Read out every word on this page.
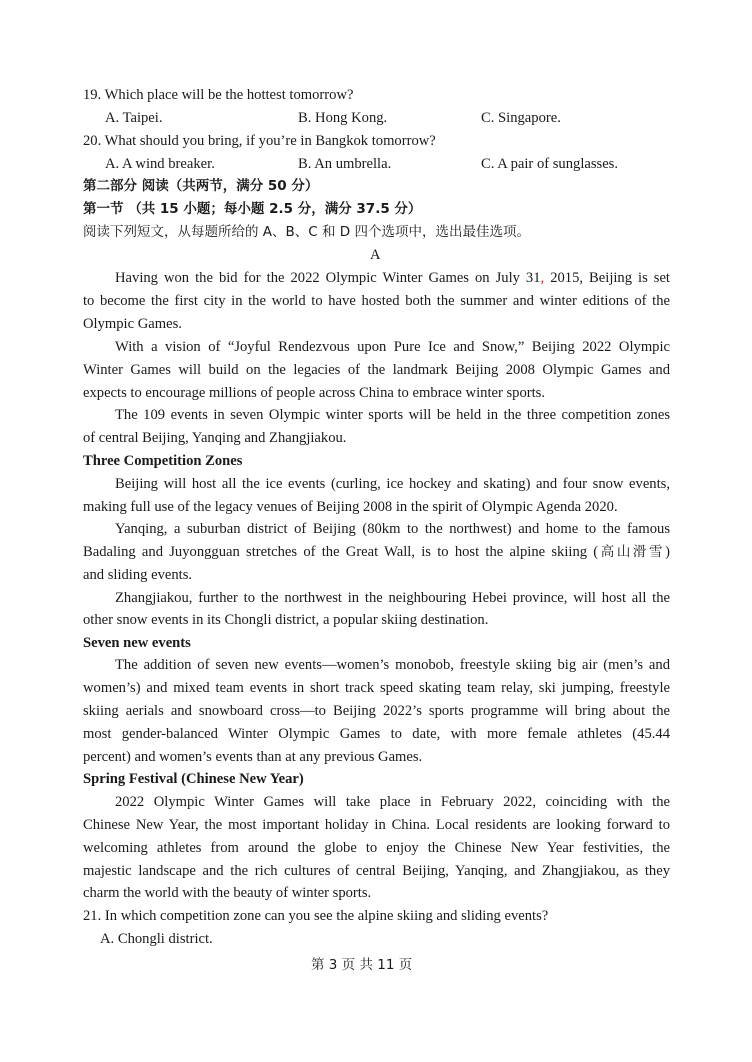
19. Which place will be the hottest tomorrow?
A. Taipei.	B. Hong Kong.	C. Singapore.
20. What should you bring, if you’re in Bangkok tomorrow?
A. A wind breaker.	B. An umbrella.	C. A pair of sunglasses.
第二部分 阅读（共两节，满分 50 分）
第一节 （共 15 小题；每小题 2.5 分，满分 37.5 分）
阅读下列短文，从每题所给的 A、B、C 和 D 四个选项中，选出最佳选项。
A
Having won the bid for the 2022 Olympic Winter Games on July 31, 2015, Beijing is set
to become the first city in the world to have hosted both the summer and winter editions of the
Olympic Games.
With a vision of “Joyful Rendezvous upon Pure Ice and Snow,” Beijing 2022 Olympic
Winter Games will build on the legacies of the landmark Beijing 2008 Olympic Games and
expects to encourage millions of people across China to embrace winter sports.
The 109 events in seven Olympic winter sports will be held in the three competition zones
of central Beijing, Yanqing and Zhangjiakou.
Three Competition Zones
Beijing will host all the ice events (curling, ice hockey and skating) and four snow events,
making full use of the legacy venues of Beijing 2008 in the spirit of Olympic Agenda 2020.
Yanqing, a suburban district of Beijing (80km to the northwest) and home to the famous
Badaling and Juyongguan stretches of the Great Wall, is to host the alpine skiing (高山滑雪)
and sliding events.
Zhangjiakou, further to the northwest in the neighbouring Hebei province, will host all the
other snow events in its Chongli district, a popular skiing destination.
Seven new events
The addition of seven new events—women’s monobob, freestyle skiing big air (men’s and
women’s) and mixed team events in short track speed skating team relay, ski jumping, freestyle
skiing aerials and snowboard cross—to Beijing 2022’s sports programme will bring about the
most gender-balanced Winter Olympic Games to date, with more female athletes (45.44
percent) and women’s events than at any previous Games.
Spring Festival (Chinese New Year)
2022 Olympic Winter Games will take place in February 2022, coinciding with the
Chinese New Year, the most important holiday in China. Local residents are looking forward to
welcoming athletes from around the globe to enjoy the Chinese New Year festivities, the
majestic landscape and the rich cultures of central Beijing, Yanqing, and Zhangjiakou, as they
charm the world with the beauty of winter sports.
21. In which competition zone can you see the alpine skiing and sliding events?
A. Chongli district.
第 3 页 共 11 页
